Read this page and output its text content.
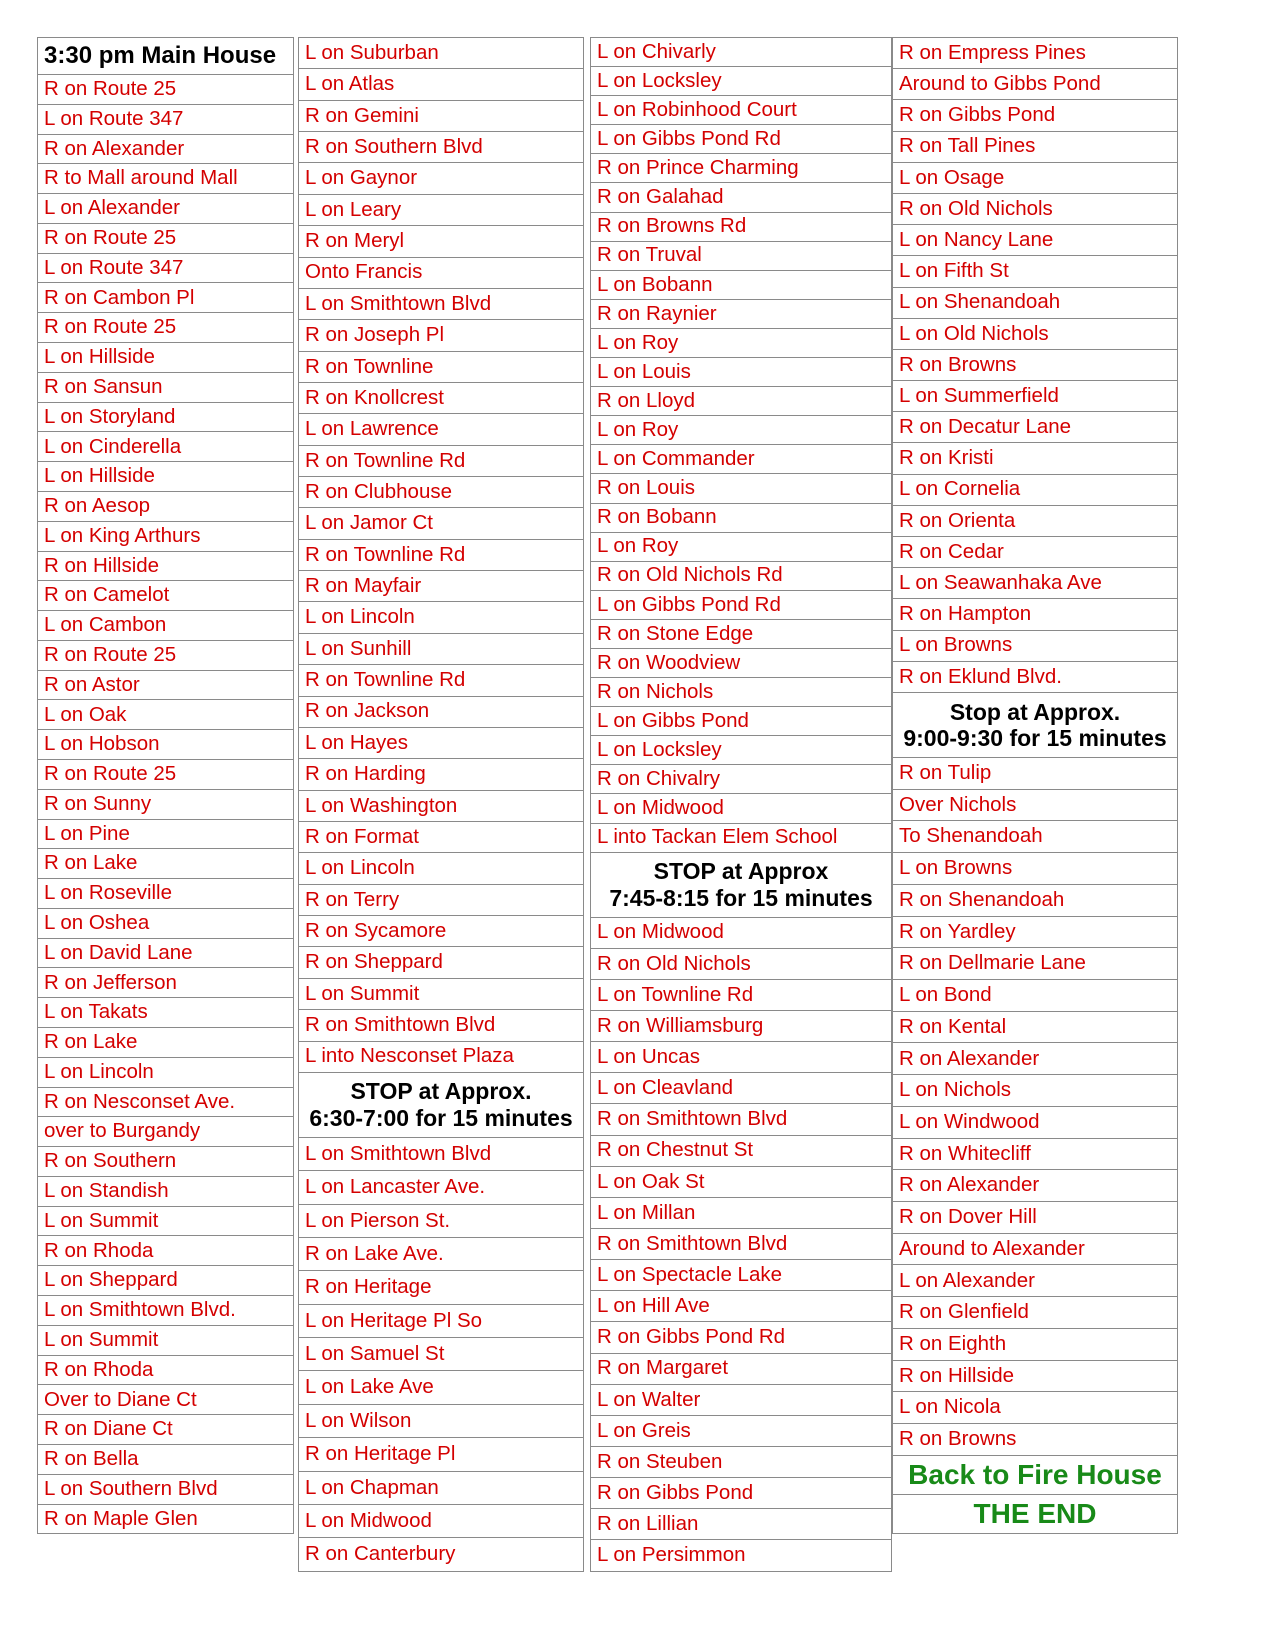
3:30 pm Main House
R on Route 25
L on Route 347
R on Alexander
R to Mall around Mall
L on Alexander
R on Route 25
L on Route 347
R on Cambon Pl
R on Route 25
L on Hillside
R on Sansun
L on Storyland
L on Cinderella
L on Hillside
R on Aesop
L on King Arthurs
R on Hillside
R on Camelot
L on Cambon
R on Route 25
R on Astor
L on Oak
L on Hobson
R on Route 25
R on Sunny
L on Pine
R on Lake
L on Roseville
L on Oshea
L on David Lane
R on Jefferson
L on Takats
R on Lake
L on Lincoln
R on Nesconset Ave.
over to Burgandy
R on Southern
L on Standish
L on Summit
R on Rhoda
L on Sheppard
L on Smithtown Blvd.
L on Summit
R on Rhoda
Over to Diane Ct
R on Diane Ct
R on Bella
L on Southern Blvd
R on Maple Glen
L on Suburban
L on Atlas
R on Gemini
R on Southern Blvd
L on Gaynor
L on Leary
R on Meryl
Onto Francis
L on Smithtown Blvd
R on Joseph Pl
R on Townline
R on Knollcrest
L on Lawrence
R on Townline Rd
R on Clubhouse
L on Jamor Ct
R on Townline Rd
R on Mayfair
L on Lincoln
L on Sunhill
R on Townline Rd
R on Jackson
L on Hayes
R on Harding
L on Washington
R on Format
L on Lincoln
R on Terry
R on Sycamore
R on Sheppard
L on Summit
R on Smithtown Blvd
L into Nesconset Plaza
STOP at Approx.
6:30-7:00 for 15 minutes
L on Smithtown Blvd
L on Lancaster Ave.
L on Pierson St.
R on Lake Ave.
R on Heritage
L on Heritage Pl So
L on Samuel St
L on Lake Ave
L on Wilson
R on Heritage Pl
L on Chapman
L on Midwood
R on Canterbury
L on Chivarly
L on Locksley
L on Robinhood Court
L on Gibbs Pond Rd
R on Prince Charming
R on Galahad
R on Browns Rd
R on Truval
L on Bobann
R on Raynier
L on Roy
L on Louis
R on Lloyd
L on Roy
L on Commander
R on Louis
R on Bobann
L on Roy
R on Old Nichols Rd
L on Gibbs Pond Rd
R on Stone Edge
R on Woodview
R on Nichols
L on Gibbs Pond
L on Locksley
R on Chivalry
L on Midwood
L into Tackan Elem School
STOP at Approx
7:45-8:15 for 15 minutes
L on Midwood
R on Old Nichols
L on Townline Rd
R on Williamsburg
L on Uncas
L on Cleavland
R on Smithtown Blvd
R on Chestnut St
L on Oak St
L on Millan
R on Smithtown Blvd
L on Spectacle Lake
L on Hill Ave
R on Gibbs Pond Rd
R on Margaret
L on Walter
L on Greis
R on Steuben
R on Gibbs Pond
R on Lillian
L on Persimmon
R on Empress Pines
Around to Gibbs Pond
R on Gibbs Pond
R on Tall Pines
L on Osage
R on Old Nichols
L on Nancy Lane
L on Fifth St
L on Shenandoah
L on Old Nichols
R on Browns
L on Summerfield
R on Decatur Lane
R on Kristi
L on Cornelia
R on Orienta
R on Cedar
L on Seawanhaka Ave
R on Hampton
L on Browns
R on Eklund Blvd.
Stop at Approx.
9:00-9:30 for 15 minutes
R on Tulip
Over Nichols
To Shenandoah
L on Browns
R on Shenandoah
R on Yardley
R on Dellmarie Lane
L on Bond
R on Kental
R on Alexander
L on Nichols
L on Windwood
R on Whitecliff
R on Alexander
R on Dover Hill
Around to Alexander
L on Alexander
R on Glenfield
R on Eighth
R on Hillside
L on Nicola
R on Browns
Back to Fire House
THE END
